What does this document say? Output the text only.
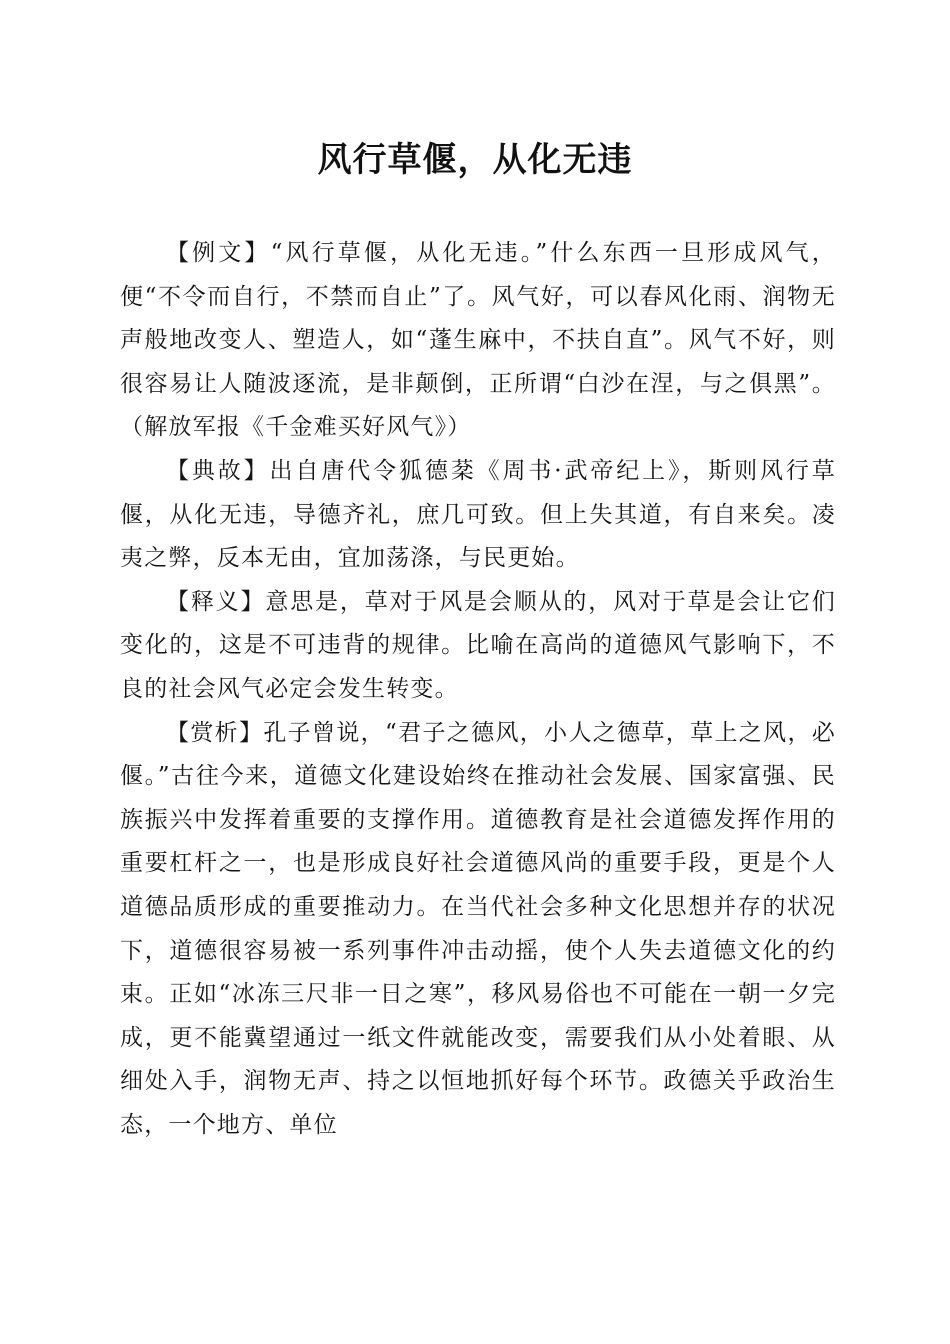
风行草偃，从化无违

【例文】“风行草偃，从化无违。”什么东西一旦形成风气，便“不令而自行，不禁而自止”了。风气好，可以春风化雨、润物无声般地改变人、塑造人，如“蓬生麻中，不扶自直”。风气不好，则很容易让人随波逐流，是非颠倒，正所谓“白沙在涅，与之俱黑”。（解放军报《千金难买好风气》）

【典故】出自唐代令狐德棻《周书·武帝纪上》，斯则风行草偃，从化无违，导德齐礼，庶几可致。但上失其道，有自来矣。凌夷之弊，反本无由，宜加荡涤，与民更始。

【释义】意思是，草对于风是会顺从的，风对于草是会让它们变化的，这是不可违背的规律。比喻在高尚的道德风气影响下，不良的社会风气必定会发生转变。

【赏析】孔子曾说，“君子之德风，小人之德草，草上之风，必偃。”古往今来，道德文化建设始终在推动社会发展、国家富强、民族振兴中发挥着重要的支撑作用。道德教育是社会道德发挥作用的重要杠杆之一，也是形成良好社会道德风尚的重要手段，更是个人道德品质形成的重要推动力。在当代社会多种文化思想并存的状况下，道德很容易被一系列事件冲击动摇，使个人失去道德文化的约束。正如“冰冻三尺非一日之寒”，移风易俗也不可能在一朝一夕完成，更不能冀望通过一纸文件就能改变，需要我们从小处着眼、从细处入手，润物无声、持之以恒地抓好每个环节。政德关乎政治生态，一个地方、单位
